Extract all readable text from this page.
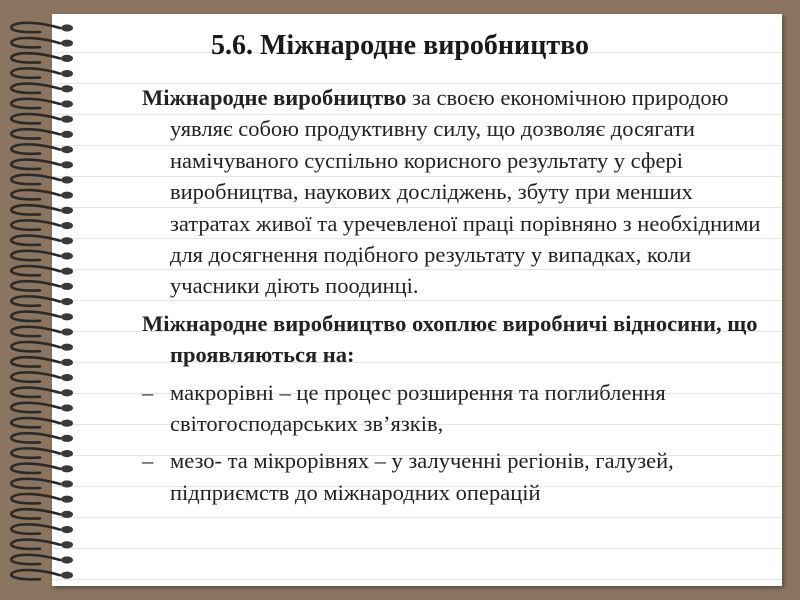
5.6. Міжнародне виробництво

Міжнародне виробництво за своєю економічною природою уявляє собою продуктивну силу, що дозволяє досягати намічуваного суспільно корисного результату у сфері виробництва, наукових досліджень, збуту при менших затратах живої та уречевленої праці порівняно з необхідними для досягнення подібного результату у випадках, коли учасники діють поодинці.

Міжнародне виробництво охоплює виробничі відносини, що проявляються на:

– макрорівні – це процес розширення та поглиблення світогосподарських зв’язків,

– мезо- та мікрорівнях – у залученні регіонів, галузей, підприємств до міжнародних операцій
